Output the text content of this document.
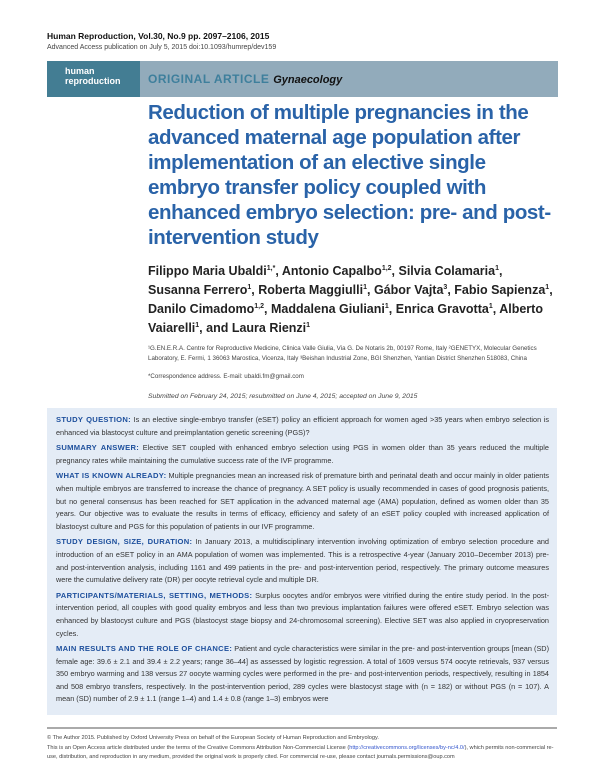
Human Reproduction, Vol.30, No.9 pp. 2097–2106, 2015
Advanced Access publication on July 5, 2015 doi:10.1093/humrep/dev159
human
reproduction	ORIGINAL ARTICLE Gynaecology
Reduction of multiple pregnancies in the advanced maternal age population after implementation of an elective single embryo transfer policy coupled with enhanced embryo selection: pre- and post-intervention study
Filippo Maria Ubaldi$^{1,*}$, Antonio Capalbo$^{1,2}$, Silvia Colamaria$^1$, Susanna Ferrero$^1$, Roberta Maggiulli$^1$, Gábor Vajta$^3$, Fabio Sapienza$^1$, Danilo Cimadomo$^{1,2}$, Maddalena Giuliani$^1$, Enrica Gravotta$^1$, Alberto Vaiarelli$^1$, and Laura Rienzi$^1$
¹G.EN.E.R.A. Centre for Reproductive Medicine, Clinica Valle Giulia, Via G. De Notaris 2b, 00197 Rome, Italy ²GENETYX, Molecular Genetics Laboratory, E. Fermi, 1 36063 Marostica, Vicenza, Italy ³Beishan Industrial Zone, BGI Shenzhen, Yantian District Shenzhen 518083, China
*Correspondence address. E-mail: ubaldi.fm@gmail.com
Submitted on February 24, 2015; resubmitted on June 4, 2015; accepted on June 9, 2015

STUDY QUESTION: Is an elective single-embryo transfer (eSET) policy an efficient approach for women aged >35 years when embryo selection is enhanced via blastocyst culture and preimplantation genetic screening (PGS)?

SUMMARY ANSWER: Elective SET coupled with enhanced embryo selection using PGS in women older than 35 years reduced the multiple pregnancy rates while maintaining the cumulative success rate of the IVF programme.

WHAT IS KNOWN ALREADY: Multiple pregnancies mean an increased risk of premature birth and perinatal death and occur mainly in older patients when multiple embryos are transferred to increase the chance of pregnancy. A SET policy is usually recommended in cases of good prognosis patients, but no general consensus has been reached for SET application in the advanced maternal age (AMA) population, defined as women older than 35 years. Our objective was to evaluate the results in terms of efficacy, efficiency and safety of an eSET policy coupled with increased application of blastocyst culture and PGS for this population of patients in our IVF programme.

STUDY DESIGN, SIZE, DURATION: In January 2013, a multidisciplinary intervention involving optimization of embryo selection procedure and introduction of an eSET policy in an AMA population of women was implemented. This is a retrospective 4-year (January 2010–December 2013) pre- and post-intervention analysis, including 1161 and 499 patients in the pre- and post-intervention period, respectively. The primary outcome measures were the cumulative delivery rate (DR) per oocyte retrieval cycle and multiple DR.

PARTICIPANTS/MATERIALS, SETTING, METHODS: Surplus oocytes and/or embryos were vitrified during the entire study period. In the post-intervention period, all couples with good quality embryos and less than two previous implantation failures were offered eSET. Embryo selection was enhanced by blastocyst culture and PGS (blastocyst stage biopsy and 24-chromosomal screening). Elective SET was also applied in cryopreservation cycles.

MAIN RESULTS AND THE ROLE OF CHANCE: Patient and cycle characteristics were similar in the pre- and post-intervention groups [mean (SD) female age: 39.6 ± 2.1 and 39.4 ± 2.2 years; range 36–44] as assessed by logistic regression. A total of 1609 versus 574 oocyte retrievals, 937 versus 350 embryo warming and 138 versus 27 oocyte warming cycles were performed in the pre- and post-intervention periods, respectively, resulting in 1854 and 508 embryo transfers, respectively. In the post-intervention period, 289 cycles were blastocyst stage with (n = 182) or without PGS (n = 107). A mean (SD) number of 2.9 ± 1.1 (range 1–4) and 1.4 ± 0.8 (range 1–3) embryos were

© The Author 2015. Published by Oxford University Press on behalf of the European Society of Human Reproduction and Embryology.
This is an Open Access article distributed under the terms of the Creative Commons Attribution Non-Commercial License (http://creativecommons.org/licenses/by-nc/4.0/), which permits non-commercial re-use, distribution, and reproduction in any medium, provided the original work is properly cited. For commercial re-use, please contact journals.permissions@oup.com
